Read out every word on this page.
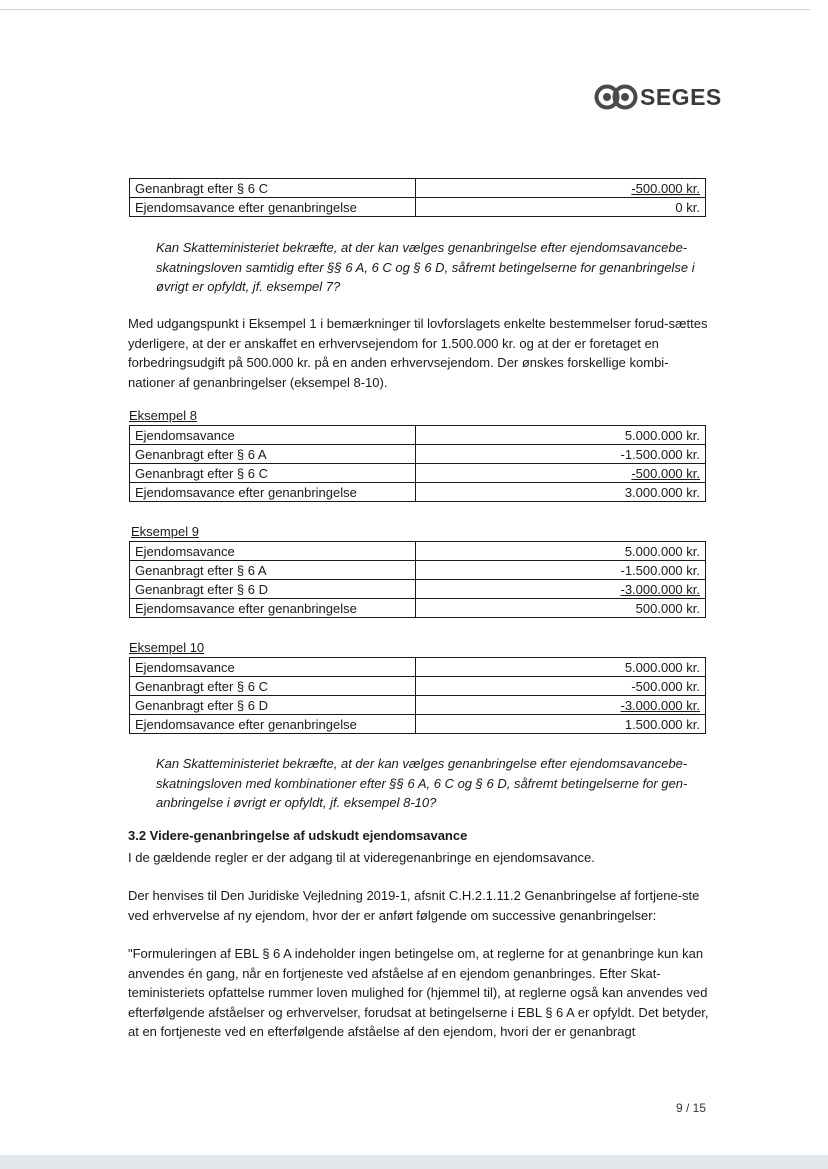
SEGES
Genanbragt efter § 6 C	-500.000 kr.
Ejendomsavance efter genanbringelse	0 kr.

Kan Skatteministeriet bekræfte, at der kan vælges genanbringelse efter ejendomsavancebe-skatningsloven samtidig efter §§ 6 A, 6 C og § 6 D, såfremt betingelserne for genanbringelse i øvrigt er opfyldt, jf. eksempel 7?

Med udgangspunkt i Eksempel 1 i bemærkninger til lovforslagets enkelte bestemmelser forud-sættes yderligere, at der er anskaffet en erhvervsejendom for 1.500.000 kr. og at der er foretaget en forbedringsudgift på 500.000 kr. på en anden erhvervsejendom. Der ønskes forskellige kombi-nationer af genanbringelser (eksempel 8-10).

Eksempel 8
Ejendomsavance	5.000.000 kr.
Genanbragt efter § 6 A	-1.500.000 kr.
Genanbragt efter § 6 C	-500.000 kr.
Ejendomsavance efter genanbringelse	3.000.000 kr.
Eksempel 9
Ejendomsavance	5.000.000 kr.
Genanbragt efter § 6 A	-1.500.000 kr.
Genanbragt efter § 6 D	-3.000.000 kr.
Ejendomsavance efter genanbringelse	500.000 kr.
Eksempel 10
Ejendomsavance	5.000.000 kr.
Genanbragt efter § 6 C	-500.000 kr.
Genanbragt efter § 6 D	-3.000.000 kr.
Ejendomsavance efter genanbringelse	1.500.000 kr.

Kan Skatteministeriet bekræfte, at der kan vælges genanbringelse efter ejendomsavancebe-skatningsloven med kombinationer efter §§ 6 A, 6 C og § 6 D, såfremt betingelserne for gen-anbringelse i øvrigt er opfyldt, jf. eksempel 8-10?

3.2 Videre-genanbringelse af udskudt ejendomsavance

I de gældende regler er der adgang til at videregenanbringe en ejendomsavance.

Der henvises til Den Juridiske Vejledning 2019-1, afsnit C.H.2.1.11.2 Genanbringelse af fortjene-ste ved erhvervelse af ny ejendom, hvor der er anført følgende om successive genanbringelser:

"Formuleringen af EBL § 6 A indeholder ingen betingelse om, at reglerne for at genanbringe kun kan anvendes én gang, når en fortjeneste ved afståelse af en ejendom genanbringes. Efter Skat-teministeriets opfattelse rummer loven mulighed for (hjemmel til), at reglerne også kan anvendes ved efterfølgende afståelser og erhvervelser, forudsat at betingelserne i EBL § 6 A er opfyldt. Det betyder, at en fortjeneste ved en efterfølgende afståelse af den ejendom, hvori der er genanbragt

9 / 15
